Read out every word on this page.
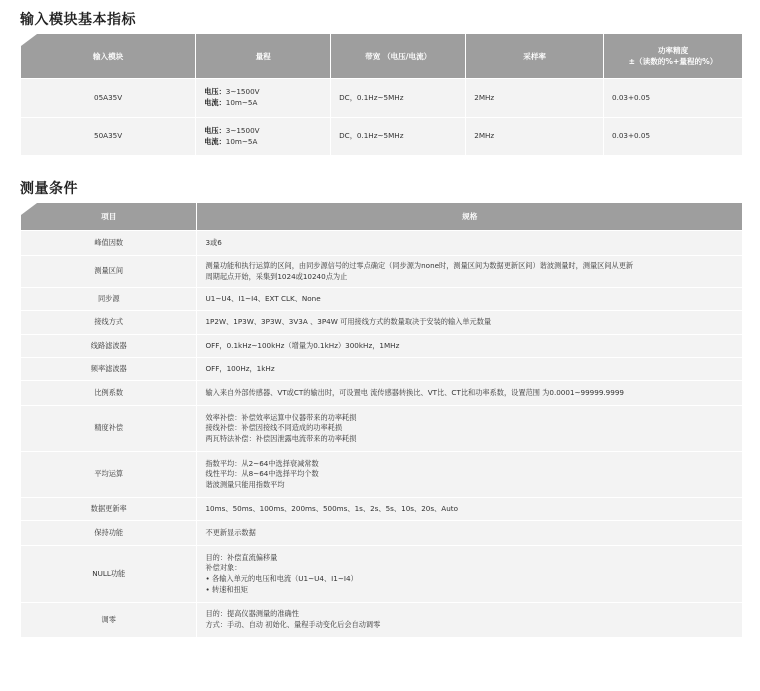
输入模块基本指标
输入模块	量程	带宽 （电压/电流）	采样率	功率精度
±（读数的%+量程的%）

05A35V	电压：3~1500V
电流：10m~5A	DC，0.1Hz~5MHz	2MHz	0.03+0.05
50A35V	电压：3~1500V
电流：10m~5A	DC，0.1Hz~5MHz	2MHz	0.03+0.05
测量条件
项目	规格
峰值因数	3或6

测量区间	测量功能和执行运算的区间，由同步源信号的过零点确定（同步源为none时，测量区间为数据更新区间）谐波测量时，测量区间从更新
周期起点开始，采集到1024或10240点为止

同步源	U1~U4、I1~I4、EXT CLK、None

接线方式	1P2W、1P3W、3P3W、3V3A 、3P4W 可用接线方式的数量取决于安装的输入单元数量

线路滤波器	OFF，0.1kHz~100kHz（增量为0.1kHz）300kHz，1MHz

频率滤波器	OFF，100Hz，1kHz

比例系数	输入来自外部传感器、VT或CT的输出时，可设置电 流传感器转换比、VT比、CT比和功率系数，设置范围 为0.0001~99999.9999

精度补偿	效率补偿：补偿效率运算中仪器带来的功率耗损
接线补偿：补偿因接线不同造成的功率耗损
两瓦特法补偿：补偿因泄露电流带来的功率耗损

平均运算	指数平均：从2~64中选择衰减常数
线性平均：从8~64中选择平均个数
谐波测量只能用指数平均

数据更新率	10ms、50ms、100ms、200ms、500ms、1s、2s、5s、10s、20s、Auto

保持功能	不更新显示数据

NULL功能	目的：补偿直流偏移量
补偿对象：
• 各输入单元的电压和电流（U1~U4、I1~I4）
• 转速和扭矩

调零	目的：提高仪器测量的准确性
方式：手动、自动 初始化、量程手动变化后会自动调零
